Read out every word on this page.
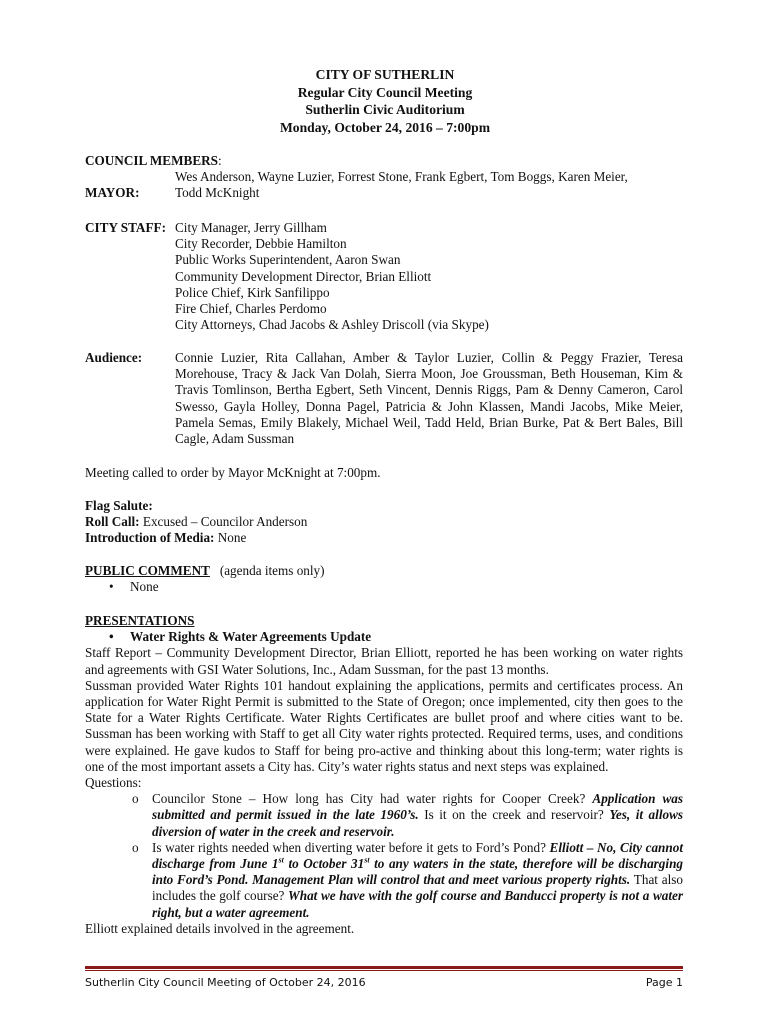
CITY OF SUTHERLIN
Regular City Council Meeting
Sutherlin Civic Auditorium
Monday, October 24, 2016 – 7:00pm
COUNCIL MEMBERS:
Wes Anderson, Wayne Luzier, Forrest Stone, Frank Egbert, Tom Boggs, Karen Meier,
MAYOR:	Todd McKnight
CITY STAFF: City Manager, Jerry Gillham
City Recorder, Debbie Hamilton
Public Works Superintendent, Aaron Swan
Community Development Director, Brian Elliott
Police Chief, Kirk Sanfilippo
Fire Chief, Charles Perdomo
City Attorneys, Chad Jacobs & Ashley Driscoll (via Skype)
Audience:	Connie Luzier, Rita Callahan, Amber & Taylor Luzier, Collin & Peggy Frazier, Teresa Morehouse, Tracy & Jack Van Dolah, Sierra Moon, Joe Groussman, Beth Houseman, Kim & Travis Tomlinson, Bertha Egbert, Seth Vincent, Dennis Riggs, Pam & Denny Cameron, Carol Swesso, Gayla Holley, Donna Pagel, Patricia & John Klassen, Mandi Jacobs, Mike Meier, Pamela Semas, Emily Blakely, Michael Weil, Tadd Held, Brian Burke, Pat & Bert Bales, Bill Cagle, Adam Sussman
Meeting called to order by Mayor McKnight at 7:00pm.
Flag Salute:
Roll Call: Excused – Councilor Anderson
Introduction of Media: None
PUBLIC COMMENT (agenda items only)
• None
PRESENTATIONS
• Water Rights & Water Agreements Update
Staff Report – Community Development Director, Brian Elliott, reported he has been working on water rights and agreements with GSI Water Solutions, Inc., Adam Sussman, for the past 13 months.
Sussman provided Water Rights 101 handout explaining the applications, permits and certificates process. An application for Water Right Permit is submitted to the State of Oregon; once implemented, city then goes to the State for a Water Rights Certificate. Water Rights Certificates are bullet proof and where cities want to be. Sussman has been working with Staff to get all City water rights protected. Required terms, uses, and conditions were explained. He gave kudos to Staff for being pro-active and thinking about this long-term; water rights is one of the most important assets a City has. City’s water rights status and next steps was explained.
Questions:
o Councilor Stone – How long has City had water rights for Cooper Creek? Application was submitted and permit issued in the late 1960’s. Is it on the creek and reservoir? Yes, it allows diversion of water in the creek and reservoir.
o Is water rights needed when diverting water before it gets to Ford’s Pond? Elliott – No, City cannot discharge from June 1st to October 31st to any waters in the state, therefore will be discharging into Ford’s Pond. Management Plan will control that and meet various property rights. That also includes the golf course? What we have with the golf course and Banducci property is not a water right, but a water agreement.
Elliott explained details involved in the agreement.
Sutherlin City Council Meeting of October 24, 2016	Page 1
